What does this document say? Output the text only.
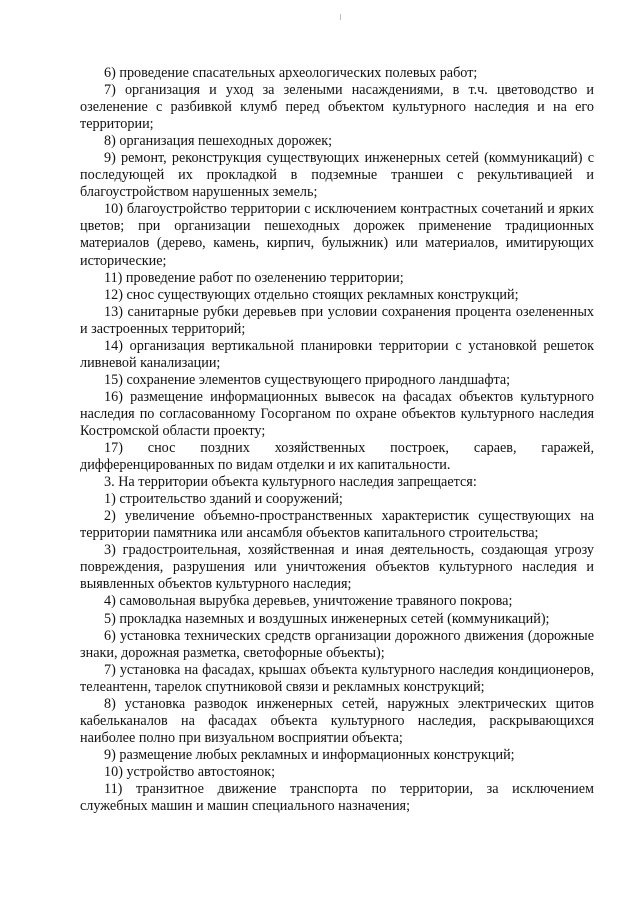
6) проведение спасательных археологических полевых работ;

7) организация и уход за зелеными насаждениями, в т.ч. цветоводство и озеленение с разбивкой клумб перед объектом культурного наследия и на его территории;

8) организация пешеходных дорожек;

9) ремонт, реконструкция существующих инженерных сетей (коммуникаций) с последующей их прокладкой в подземные траншеи с рекультивацией и благоустройством нарушенных земель;

10) благоустройство территории с исключением контрастных сочетаний и ярких цветов; при организации пешеходных дорожек применение традиционных материалов (дерево, камень, кирпич, булыжник) или материалов, имитирующих исторические;

11) проведение работ по озеленению территории;

12) снос существующих отдельно стоящих рекламных конструкций;

13) санитарные рубки деревьев при условии сохранения процента озелененных и застроенных территорий;

14) организация вертикальной планировки территории с установкой решеток ливневой канализации;

15) сохранение элементов существующего природного ландшафта;

16) размещение информационных вывесок на фасадах объектов культурного наследия по согласованному Госорганом по охране объектов культурного наследия Костромской области проекту;

17) снос поздних хозяйственных построек, сараев, гаражей, дифференцированных по видам отделки и их капитальности.

3. На территории объекта культурного наследия запрещается:

1) строительство зданий и сооружений;

2) увеличение объемно-пространственных характеристик существующих на территории памятника или ансамбля объектов капитального строительства;

3) градостроительная, хозяйственная и иная деятельность, создающая угрозу повреждения, разрушения или уничтожения объектов культурного наследия и выявленных объектов культурного наследия;

4) самовольная вырубка деревьев, уничтожение травяного покрова;

5) прокладка наземных и воздушных инженерных сетей (коммуникаций);

6) установка технических средств организации дорожного движения (дорожные знаки, дорожная разметка, светофорные объекты);

7) установка на фасадах, крышах объекта культурного наследия кондиционеров, телеантенн, тарелок спутниковой связи и рекламных конструкций;

8) установка разводок инженерных сетей, наружных электрических щитов кабельканалов на фасадах объекта культурного наследия, раскрывающихся наиболее полно при визуальном восприятии объекта;

9) размещение любых рекламных и информационных конструкций;

10) устройство автостоянок;

11) транзитное движение транспорта по территории, за исключением служебных машин и машин специального назначения;
